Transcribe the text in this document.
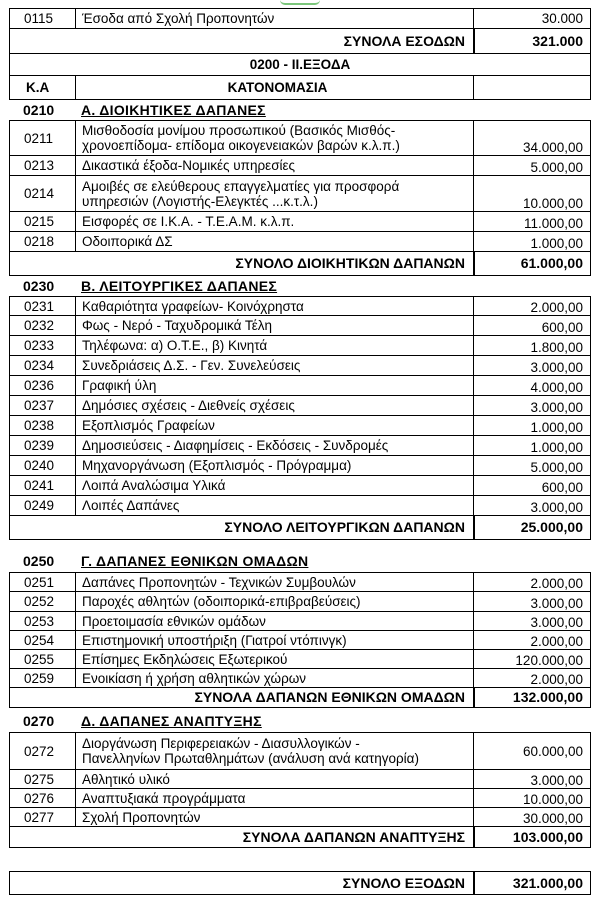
0115	Έσοδα από Σχολή Προπονητών	30.000
ΣΥΝΟΛΑ ΕΣΟΔΩΝ	321.000
0200 - ΙΙ.ΕΞΟΔΑ
Κ.Α	ΚΑΤΟΝΟΜΑΣΙΑ
0210	Α. ΔΙΟΙΚΗΤΙΚΕΣ ΔΑΠΑΝΕΣ
0211	Μισθοδοσία μονίμου προσωπικού (Βασικός Μισθός-
χρονοεπίδομα- επίδομα οικογενειακών βαρών κ.λ.π.)	34.000,00
0213	Δικαστικά έξοδα-Νομικές υπηρεσίες	5.000,00
0214	Αμοιβές σε ελεύθερους επαγγελματίες για προσφορά
υπηρεσιών (Λογιστής-Ελεγκτές ...κ.τ.λ.)	10.000,00
0215	Εισφορές σε Ι.Κ.Α. - Τ.Ε.Α.Μ. κ.λ.π.	11.000,00
0218	Οδοιπορικά ΔΣ	1.000,00
ΣΥΝΟΛΟ ΔΙΟΙΚΗΤΙΚΩΝ ΔΑΠΑΝΩΝ	61.000,00
0230	Β. ΛΕΙΤΟΥΡΓΙΚΕΣ ΔΑΠΑΝΕΣ
0231	Καθαριότητα γραφείων- Κοινόχρηστα	2.000,00
0232	Φως - Νερό - Ταχυδρομικά Τέλη	600,00
0233	Τηλέφωνα: α) Ο.Τ.Ε., β) Κινητά	1.800,00
0234	Συνεδριάσεις Δ.Σ. - Γεν. Συνελεύσεις	3.000,00
0236	Γραφική ύλη	4.000,00
0237	Δημόσιες σχέσεις - Διεθνείς σχέσεις	3.000,00
0238	Εξοπλισμός Γραφείων	1.000,00
0239	Δημοσιεύσεις - Διαφημίσεις - Εκδόσεις - Συνδρομές	1.000,00
0240	Μηχανοργάνωση (Εξοπλισμός - Πρόγραμμα)	5.000,00
0241	Λοιπά Αναλώσιμα Υλικά	600,00
0249	Λοιπές Δαπάνες	3.000,00
ΣΥΝΟΛΟ ΛΕΙΤΟΥΡΓΙΚΩΝ ΔΑΠΑΝΩΝ	25.000,00
0250	Γ. ΔΑΠΑΝΕΣ ΕΘΝΙΚΩΝ ΟΜΑΔΩΝ
0251	Δαπάνες Προπονητών - Τεχνικών Συμβουλών	2.000,00
0252	Παροχές αθλητών (οδοιπορικά-επιβραβεύσεις)	3.000,00
0253	Προετοιμασία εθνικών ομάδων	3.000,00
0254	Επιστημονική υποστήριξη (Γιατροί ντόπινγκ)	2.000,00
0255	Επίσημες Εκδηλώσεις Εξωτερικού	120.000,00
0259	Ενοικίαση ή χρήση αθλητικών χώρων	2.000,00
ΣΥΝΟΛΑ ΔΑΠΑΝΩΝ ΕΘΝΙΚΩΝ ΟΜΑΔΩΝ	132.000,00
0270	Δ. ΔΑΠΑΝΕΣ ΑΝΑΠΤΥΞΗΣ
0272	Διοργάνωση Περιφερειακών - Διασυλλογικών -
Πανελληνίων Πρωταθλημάτων (ανάλυση ανά κατηγορία)	60.000,00
0275	Αθλητικό υλικό	3.000,00
0276	Αναπτυξιακά προγράμματα	10.000,00
0277	Σχολή Προπονητών	30.000,00
ΣΥΝΟΛΑ ΔΑΠΑΝΩΝ ΑΝΑΠΤΥΞΗΣ	103.000,00
ΣΥΝΟΛΟ ΕΞΟΔΩΝ	321.000,00
